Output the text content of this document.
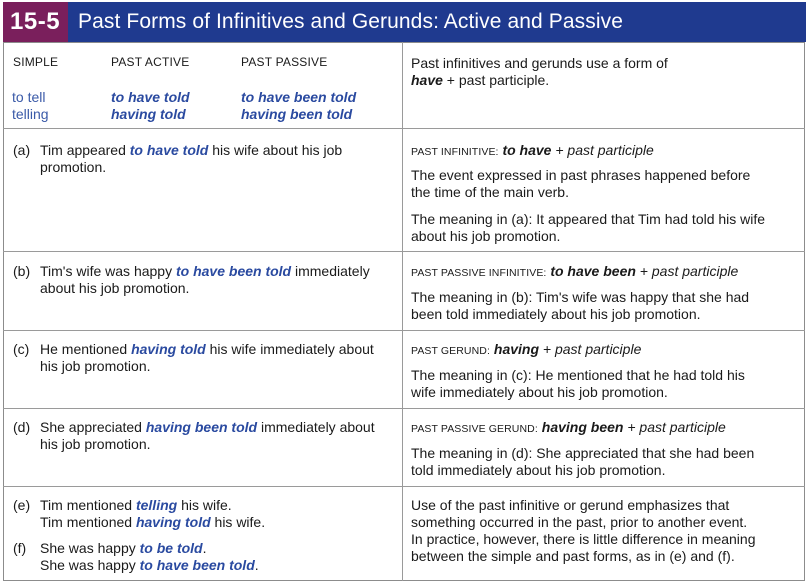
15-5 Past Forms of Infinitives and Gerunds: Active and Passive
SIMPLE	PAST ACTIVE	PAST PASSIVE
to tell
telling
to have told
having told
to have been told
having been told
Past infinitives and gerunds use a form of
have + past participle.
(a) Tim appeared to have told his wife about his job
promotion.
PAST INFINITIVE: to have + past participle
The event expressed in past phrases happened before
the time of the main verb.
The meaning in (a): It appeared that Tim had told his wife
about his job promotion.
(b) Tim's wife was happy to have been told immediately
about his job promotion.
PAST PASSIVE INFINITIVE: to have been + past participle
The meaning in (b): Tim's wife was happy that she had
been told immediately about his job promotion.
(c) He mentioned having told his wife immediately about
his job promotion.
PAST GERUND: having + past participle
The meaning in (c): He mentioned that he had told his
wife immediately about his job promotion.
(d) She appreciated having been told immediately about
his job promotion.
PAST PASSIVE GERUND: having been + past participle
The meaning in (d): She appreciated that she had been
told immediately about his job promotion.
(e) Tim mentioned telling his wife.
Tim mentioned having told his wife.
(f) She was happy to be told.
She was happy to have been told.
Use of the past infinitive or gerund emphasizes that
something occurred in the past, prior to another event.
In practice, however, there is little difference in meaning
between the simple and past forms, as in (e) and (f).
